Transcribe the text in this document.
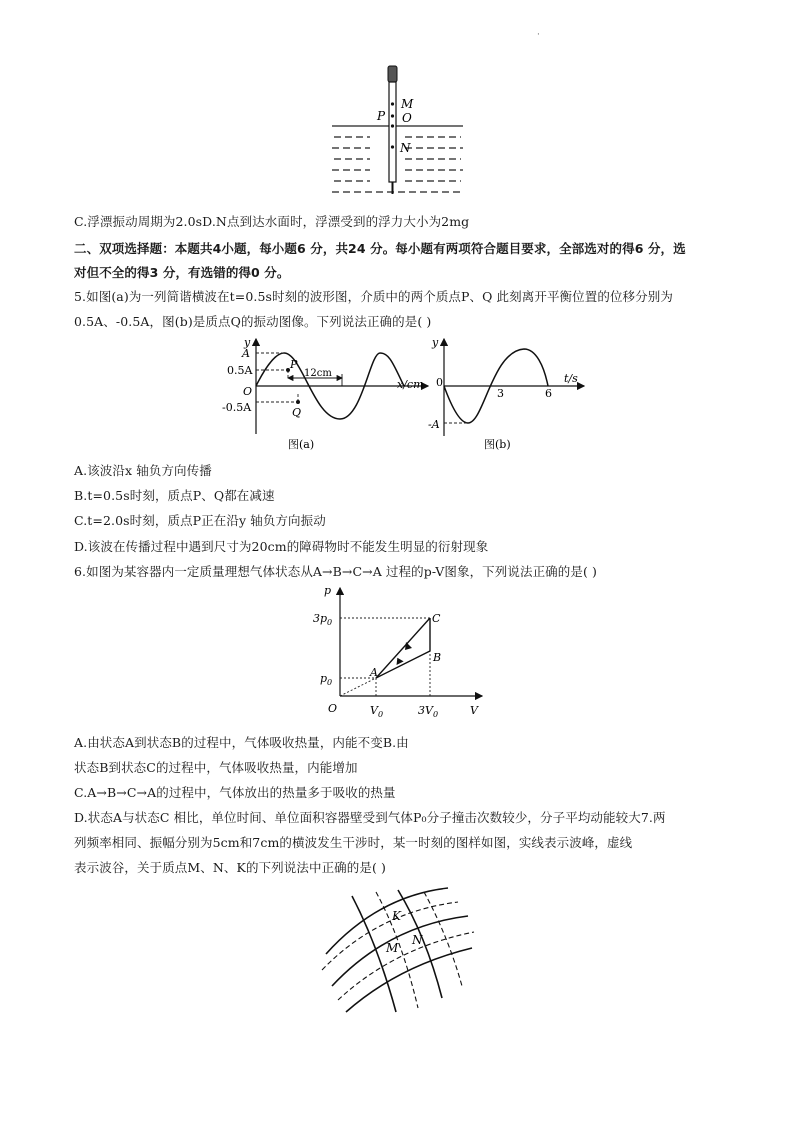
·
M
O
P
N
C.浮漂振动周期为2.0sD.N点到达水面时，浮漂受到的浮力大小为2mg
二、双项选择题：本题共4小题，每小题6 分，共24 分。每小题有两项符合题目要求，全部选对的得6 分，选
对但不全的得3 分，有选错的得0 分。
5.如图(a)为一列简谐横波在t=0.5s时刻的波形图，介质中的两个质点P、Q 此刻离开平衡位置的位移分别为
0.5A、-0.5A，图(b)是质点Q的振动图像。下列说法正确的是( )
y
A
0.5A
O
-0.5A
P
Q
12cm
x/cm
图(a)
y
0
3	6
t/s
-A
图(b)
A.该波沿x 轴负方向传播
B.t=0.5s时刻，质点P、Q都在减速
C.t=2.0s时刻，质点P正在沿y 轴负方向振动
D.该波在传播过程中遇到尺寸为20cm的障碍物时不能发生明显的衍射现象
6.如图为某容器内一定质量理想气体状态从A→B→C→A 过程的p-V图象，下列说法正确的是( )
p
$3p_0$
$p_0$
O	$V_0$	$3V_0$	V
A
B
C
A.由状态A到状态B的过程中，气体吸收热量，内能不变B.由
状态B到状态C的过程中，气体吸收热量，内能增加
C.A→B→C→A的过程中，气体放出的热量多于吸收的热量
D.状态A与状态C 相比，单位时间、单位面积容器壁受到气体P₀分子撞击次数较少，分子平均动能较大7.两
列频率相同、振幅分别为5cm和7cm的横波发生干涉时，某一时刻的图样如图，实线表示波峰，虚线
表示波谷，关于质点M、N、K的下列说法中正确的是( )
K
M
N
